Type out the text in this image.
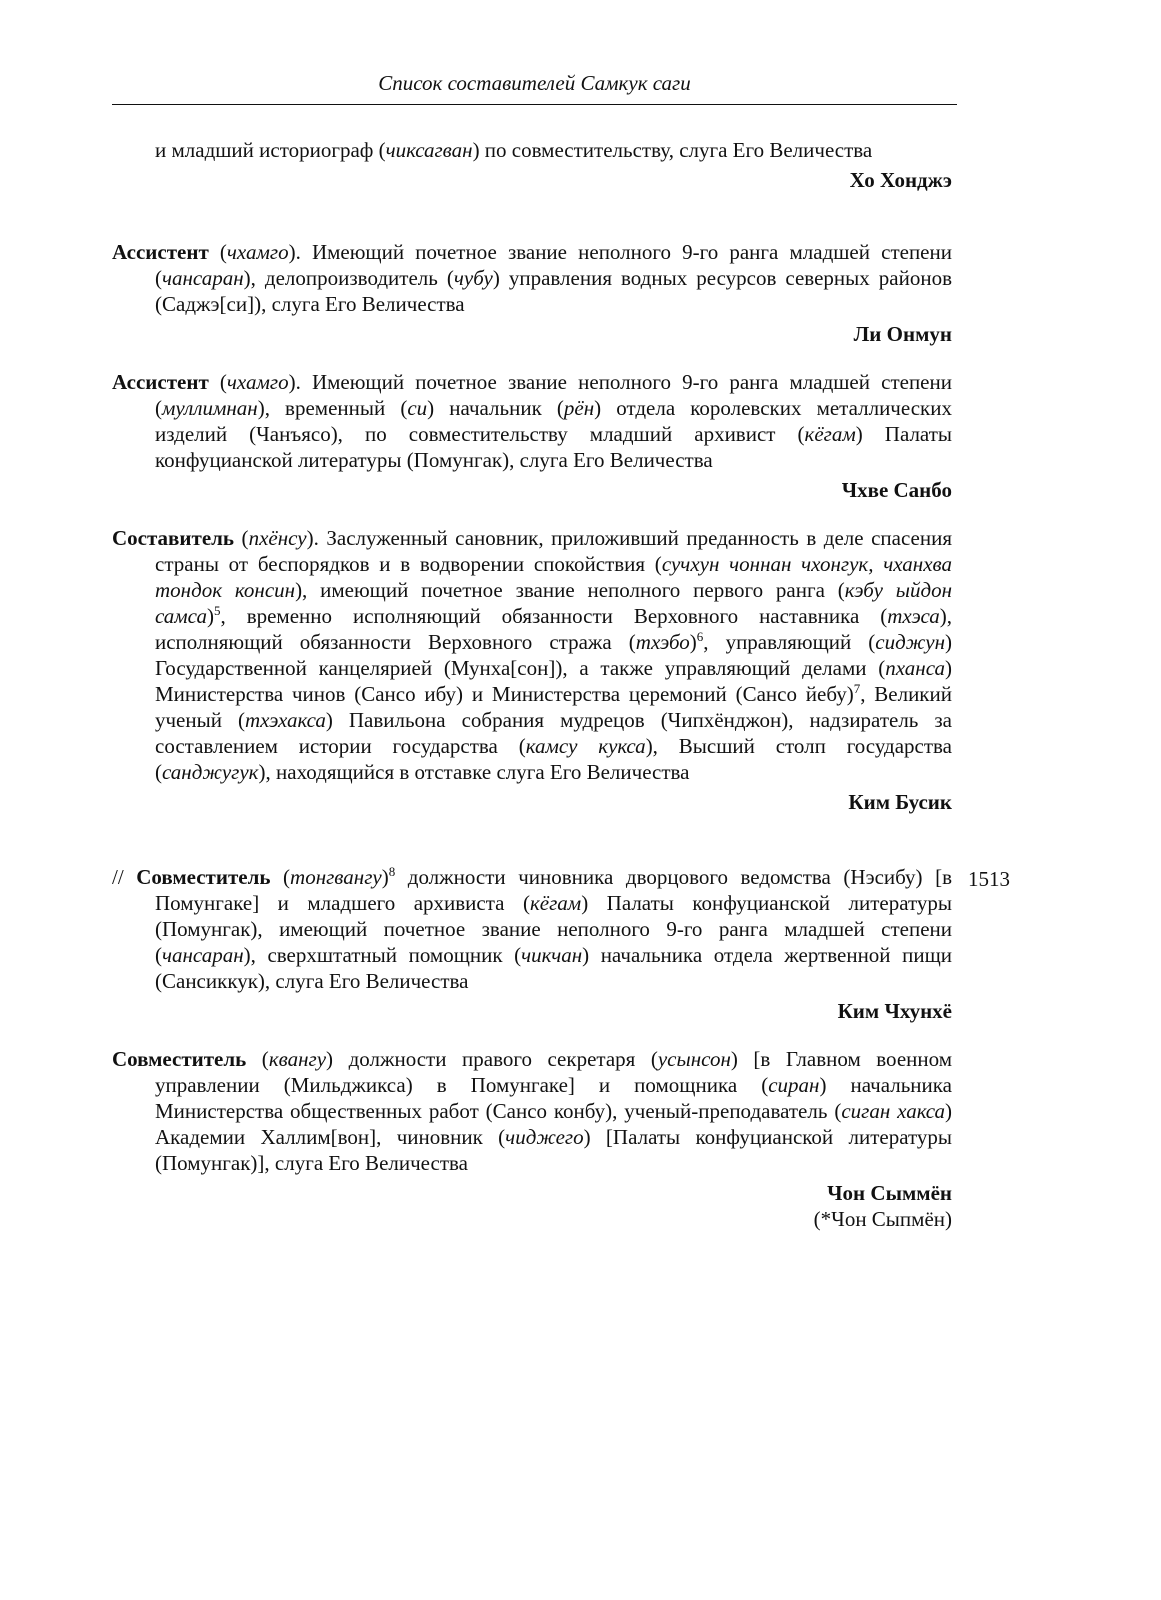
Список составителей Самкук саги

и младший историограф (чиксагван) по совместительству, слуга Его Величества

Хо Хонджэ

Ассистент (чхамго). Имеющий почетное звание неполного 9-го ранга младшей степени (чансаран), делопроизводитель (чубу) управления водных ресурсов северных районов (Саджэ[си]), слуга Его Величества

Ли Онмун

Ассистент (чхамго). Имеющий почетное звание неполного 9-го ранга младшей степени (муллимнан), временный (си) начальник (рён) отдела королевских металлических изделий (Чанъясо), по совместительству младший архивист (кёгам) Палаты конфуцианской литературы (Помунгак), слуга Его Величества

Чхве Санбо

Составитель (пхёнсу). Заслуженный сановник, приложивший преданность в деле спасения страны от беспорядков и в водворении спокойствия (сучхун чоннан чхонгук, чханхва тондок консин), имеющий почетное звание неполного первого ранга (кэбу ыйдон самса)$^5$, временно исполняющий обязанности Верховного наставника (тхэса), исполняющий обязанности Верховного стража (тхэбо)$^6$, управляющий (сиджун) Государственной канцелярией (Мунха[сон]), а также управляющий делами (пханса) Министерства чинов (Сансо ибу) и Министерства церемоний (Сансо йебу)$^7$, Великий ученый (тхэхакса) Павильона собрания мудрецов (Чипхёнджон), надзиратель за составлением истории государства (камсу кукса), Высший столп государства (санджугук), находящийся в отставке слуга Его Величества

Ким Бусик

// Совместитель (тонгвангу)$^8$ должности чиновника дворцового ведомства (Нэсибу) [в Помунгаке] и младшего архивиста (кёгам) Палаты конфуцианской литературы (Помунгак), имеющий почетное звание неполного 9-го ранга младшей степени (чансаран), сверхштатный помощник (чикчан) начальника отдела жертвенной пищи (Сансиккук), слуга Его Величества

Ким Чхунхё
1513

Совместитель (квангу) должности правого секретаря (усынсон) [в Главном военном управлении (Мильджикса) в Помунгаке] и помощника (сиран) начальника Министерства общественных работ (Сансо конбу), ученый-преподаватель (сиган хакса) Академии Халлим[вон], чиновник (чиджего) [Палаты конфуцианской литературы (Помунгак)], слуга Его Величества

Чон Сыммён
(*Чон Сыпмён)
